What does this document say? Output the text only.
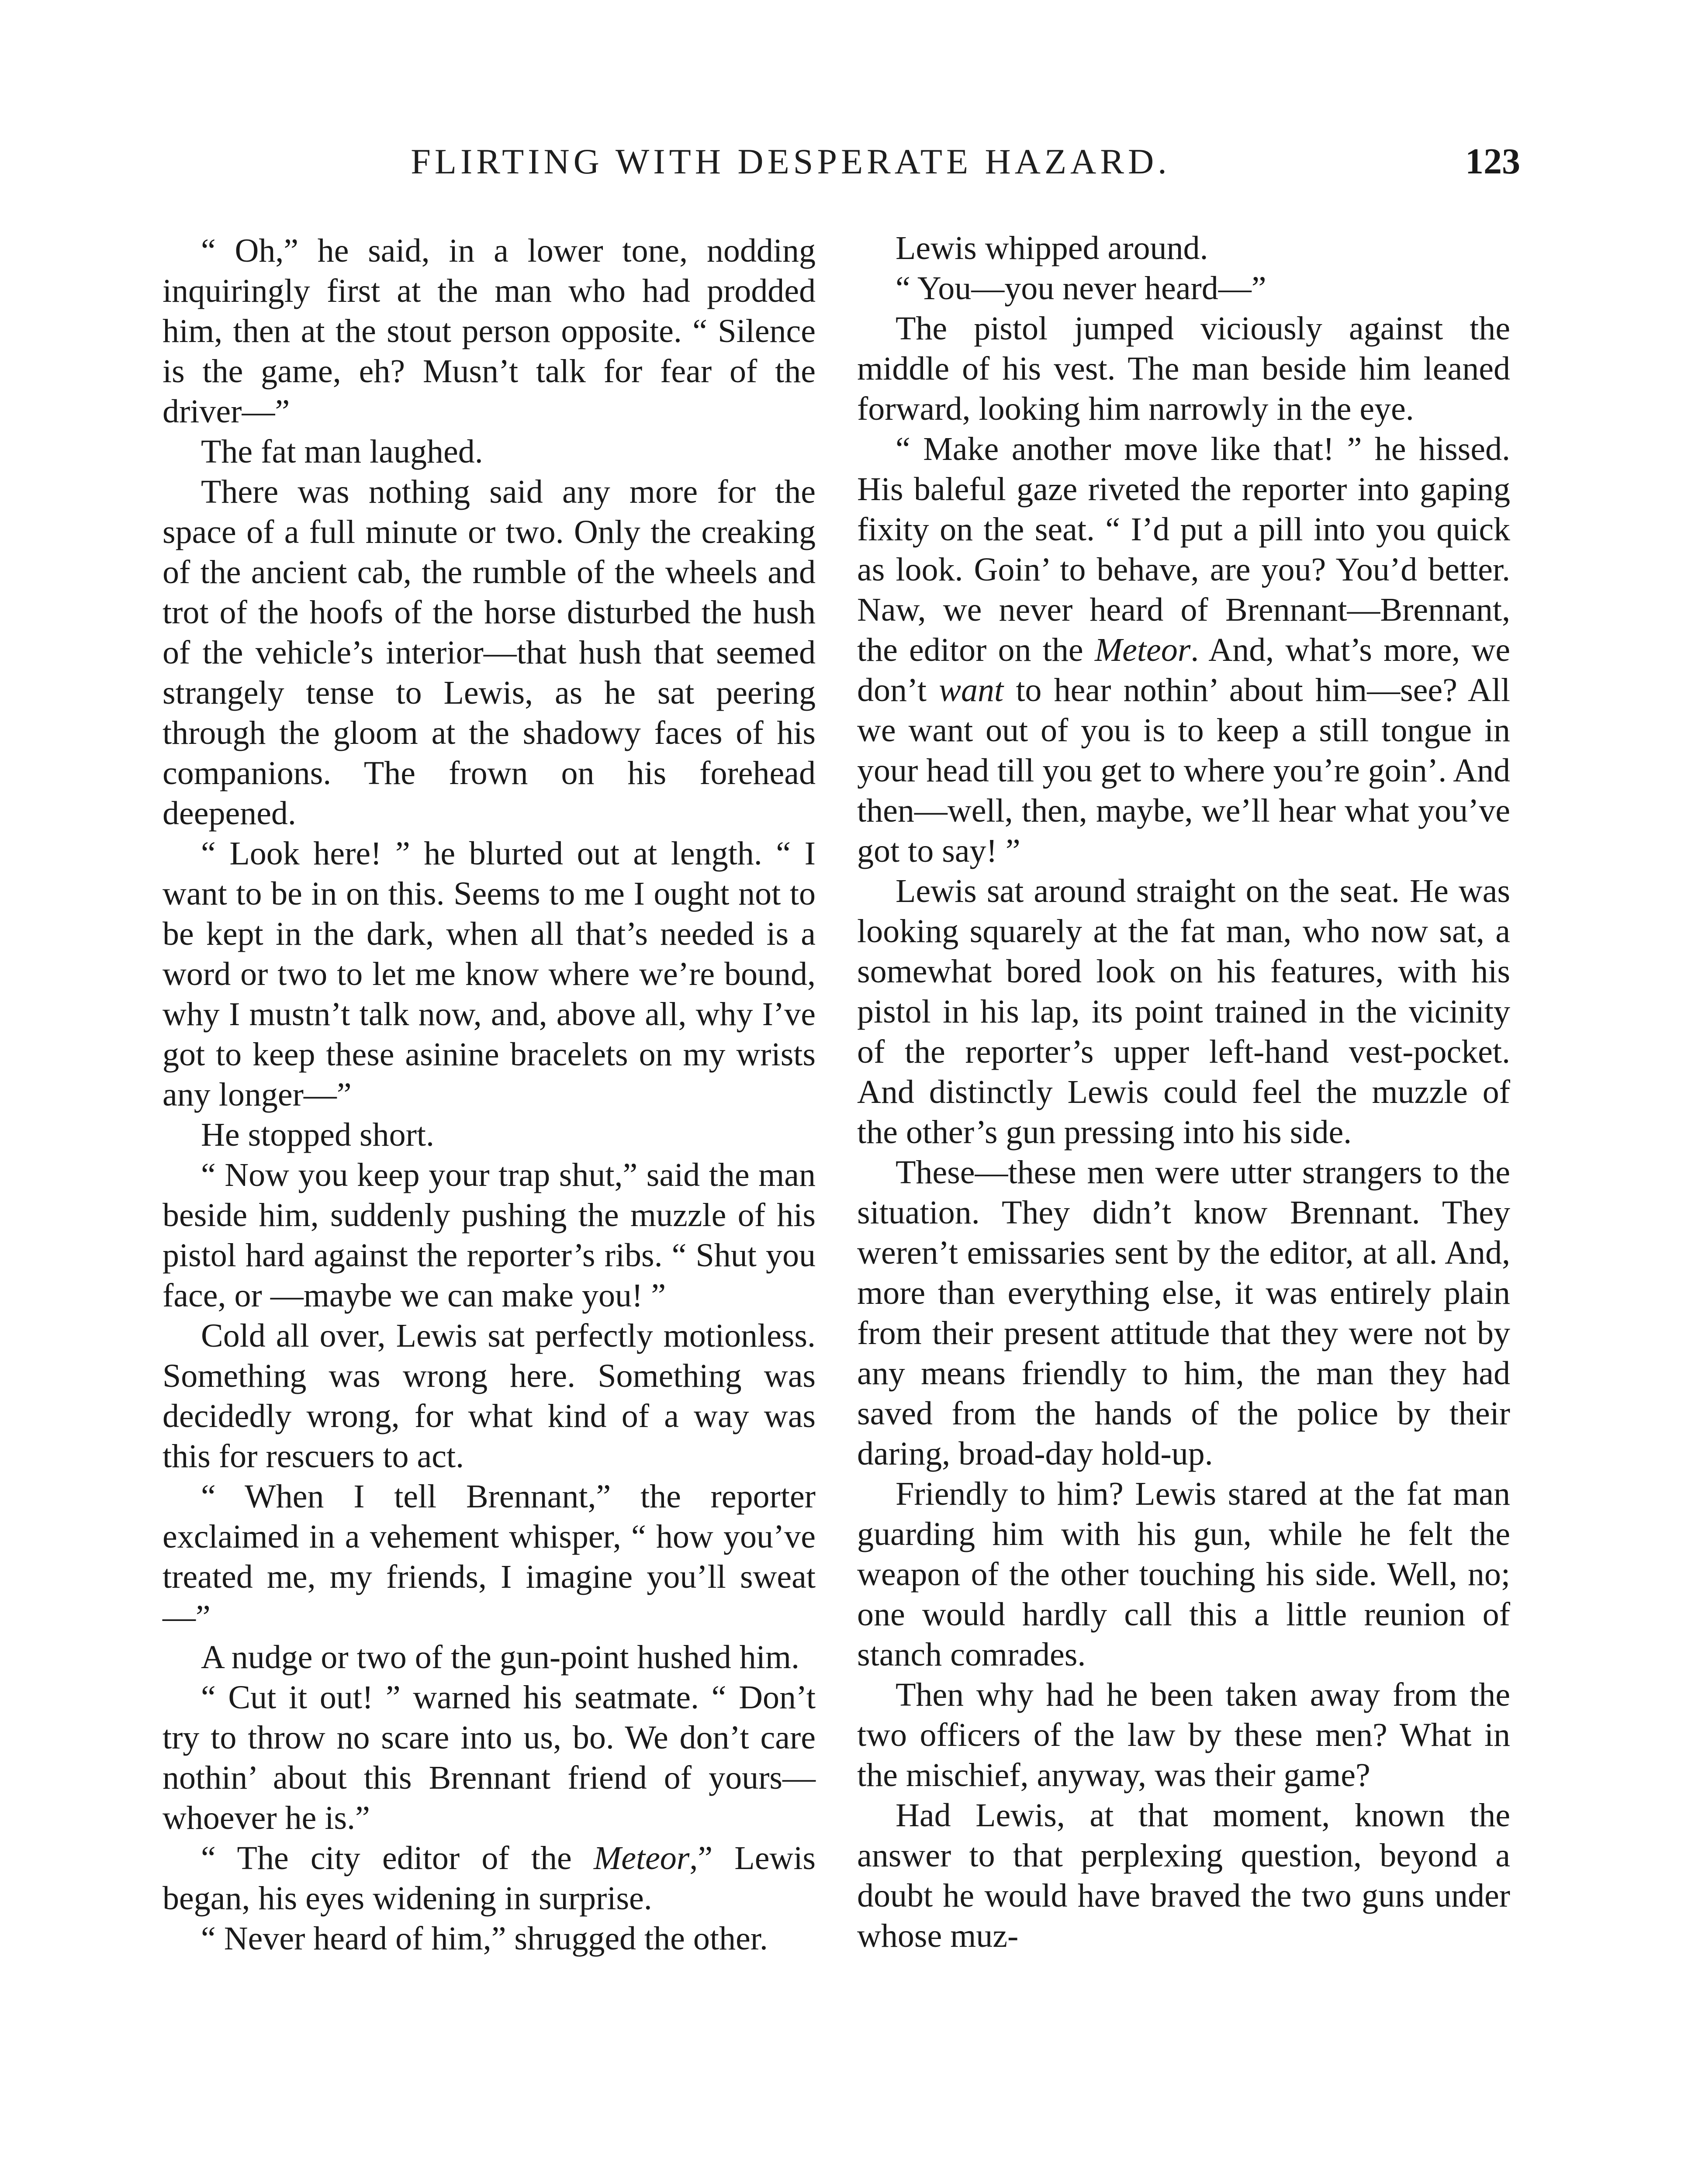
FLIRTING WITH DESPERATE HAZARD.	123

“ Oh,” he said, in a lower tone, nodding inquiringly first at the man who had prodded him, then at the stout person opposite. “ Silence is the game, eh? Musn’t talk for fear of the driver—”

The fat man laughed.

There was nothing said any more for the space of a full minute or two. Only the creaking of the ancient cab, the rumble of the wheels and trot of the hoofs of the horse disturbed the hush of the vehicle’s interior—that hush that seemed strangely tense to Lewis, as he sat peering through the gloom at the shadowy faces of his companions. The frown on his forehead deepened.

“ Look here! ” he blurted out at length. “ I want to be in on this. Seems to me I ought not to be kept in the dark, when all that’s needed is a word or two to let me know where we’re bound, why I mustn’t talk now, and, above all, why I’ve got to keep these asinine bracelets on my wrists any longer—”

He stopped short.

“ Now you keep your trap shut,” said the man beside him, suddenly pushing the muzzle of his pistol hard against the reporter’s ribs. “ Shut you face, or —maybe we can make you! ”

Cold all over, Lewis sat perfectly motionless. Something was wrong here. Something was decidedly wrong, for what kind of a way was this for rescuers to act.

“ When I tell Brennant,” the reporter exclaimed in a vehement whisper, “ how you’ve treated me, my friends, I imagine you’ll sweat—”

A nudge or two of the gun-point hushed him.

“ Cut it out! ” warned his seatmate. “ Don’t try to throw no scare into us, bo. We don’t care nothin’ about this Brennant friend of yours—whoever he is.”

“ The city editor of the Meteor,” Lewis began, his eyes widening in surprise.

“ Never heard of him,” shrugged the other.

Lewis whipped around.

“ You—you never heard—”

The pistol jumped viciously against the middle of his vest. The man beside him leaned forward, looking him narrowly in the eye.

“ Make another move like that! ” he hissed. His baleful gaze riveted the reporter into gaping fixity on the seat. “ I’d put a pill into you quick as look. Goin’ to behave, are you? You’d better. Naw, we never heard of Brennant—Brennant, the editor on the Meteor. And, what’s more, we don’t want to hear nothin’ about him—see? All we want out of you is to keep a still tongue in your head till you get to where you’re goin’. And then—well, then, maybe, we’ll hear what you’ve got to say! ”

Lewis sat around straight on the seat. He was looking squarely at the fat man, who now sat, a somewhat bored look on his features, with his pistol in his lap, its point trained in the vicinity of the reporter’s upper left-hand vest-pocket. And distinctly Lewis could feel the muzzle of the other’s gun pressing into his side.

These—these men were utter strangers to the situation. They didn’t know Brennant. They weren’t emissaries sent by the editor, at all. And, more than everything else, it was entirely plain from their present attitude that they were not by any means friendly to him, the man they had saved from the hands of the police by their daring, broad-day hold-up.

Friendly to him? Lewis stared at the fat man guarding him with his gun, while he felt the weapon of the other touching his side. Well, no; one would hardly call this a little reunion of stanch comrades.

Then why had he been taken away from the two officers of the law by these men? What in the mischief, anyway, was their game?

Had Lewis, at that moment, known the answer to that perplexing question, beyond a doubt he would have braved the two guns under whose muz-
